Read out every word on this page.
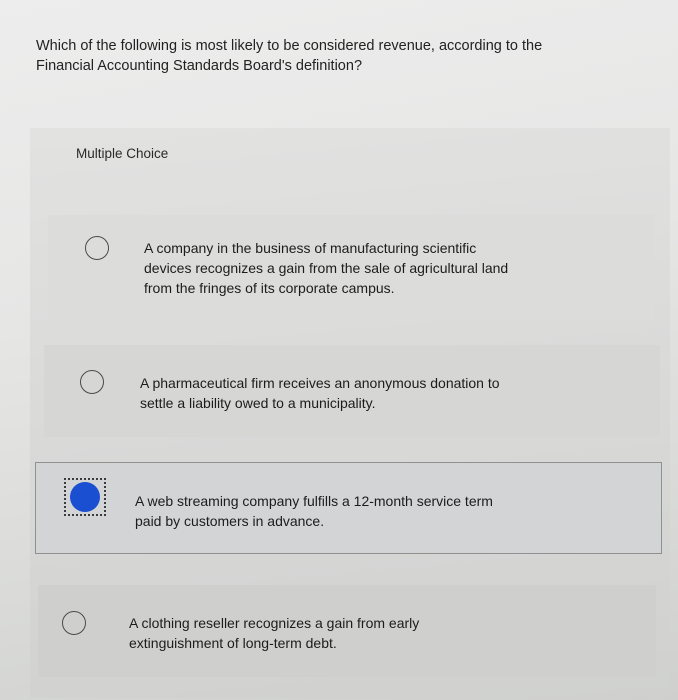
Which of the following is most likely to be considered revenue, according to the
Financial Accounting Standards Board's definition?
Multiple Choice
A company in the business of manufacturing scientific
devices recognizes a gain from the sale of agricultural land
from the fringes of its corporate campus.
A pharmaceutical firm receives an anonymous donation to
settle a liability owed to a municipality.
A web streaming company fulfills a 12-month service term
paid by customers in advance.
A clothing reseller recognizes a gain from early
extinguishment of long-term debt.
